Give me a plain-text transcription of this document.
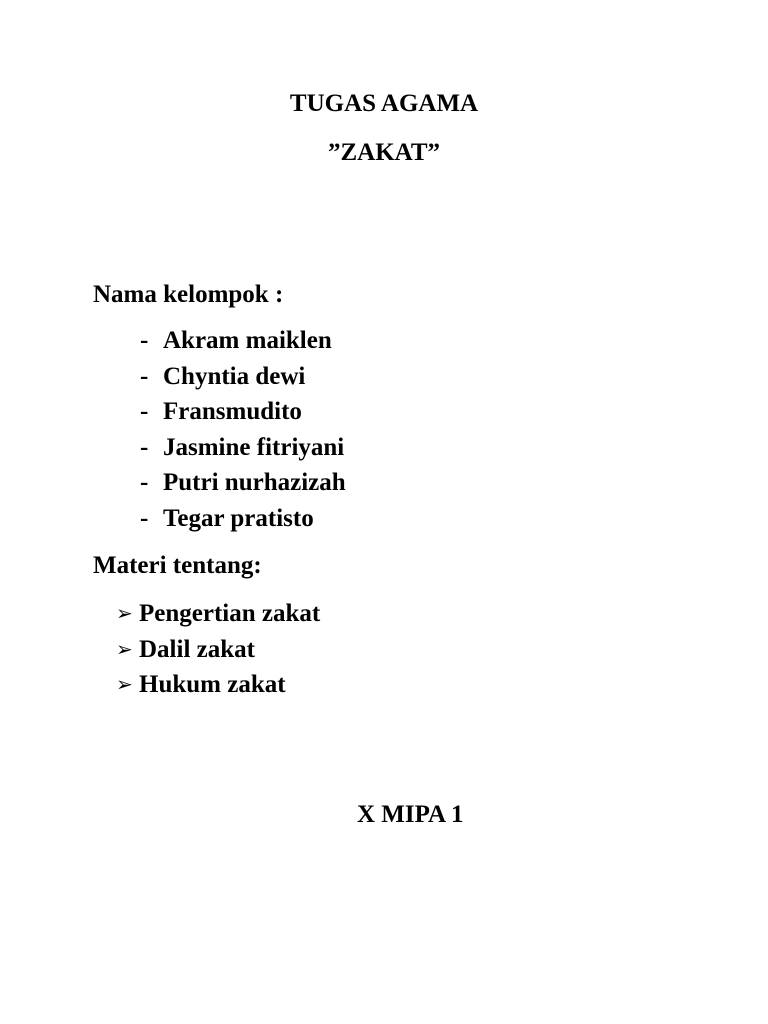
TUGAS AGAMA
”ZAKAT”
Nama kelompok :
- Akram maiklen
- Chyntia dewi
- Fransmudito
- Jasmine fitriyani
- Putri nurhazizah
- Tegar pratisto
Materi tentang:
➢ Pengertian zakat
➢ Dalil zakat
➢ Hukum zakat
X MIPA 1
